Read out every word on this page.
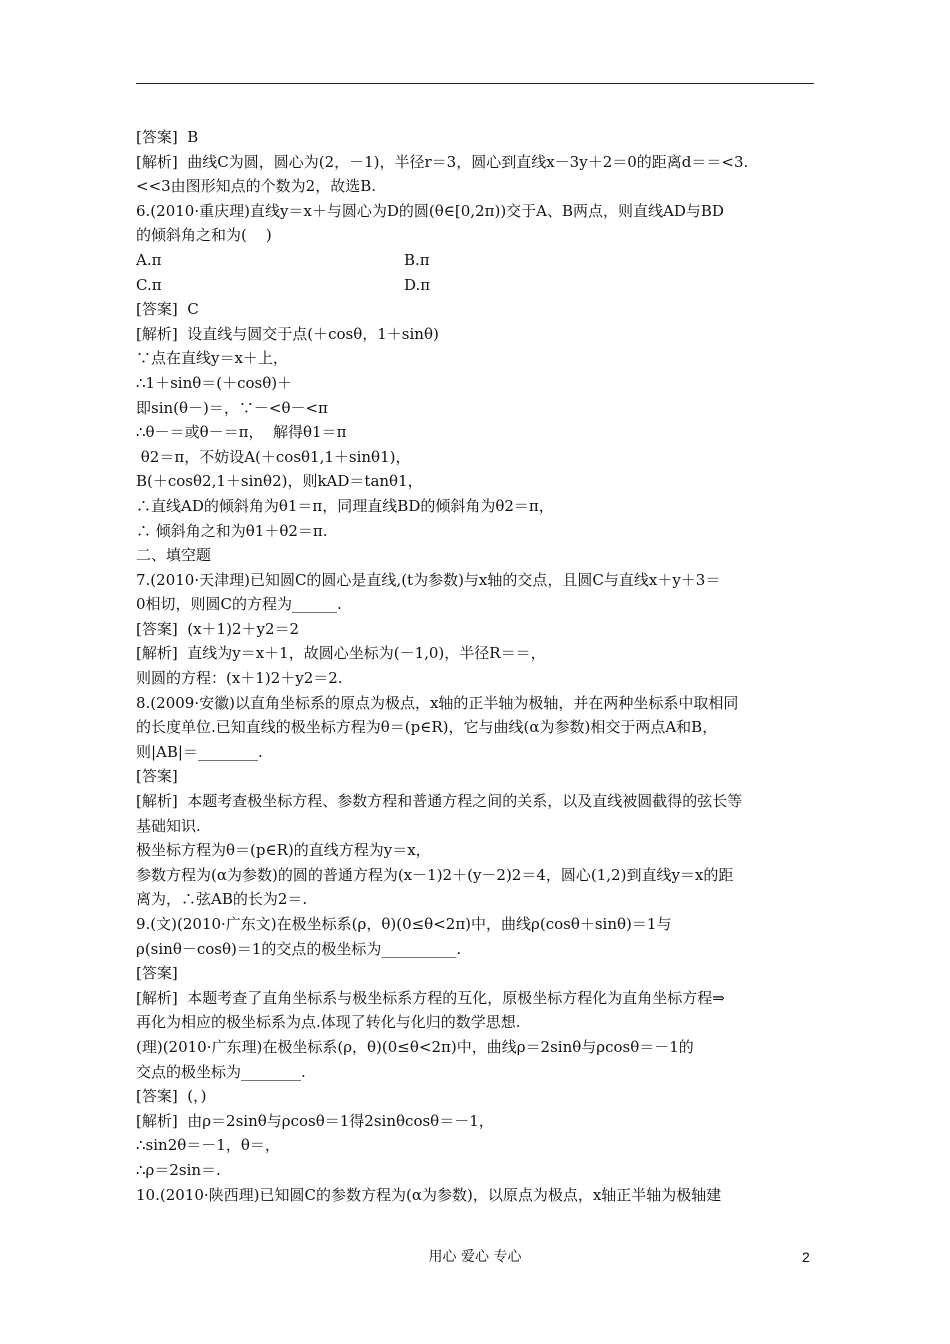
[答案]  B
[解析]  曲线C为圆，圆心为(2，－1)，半径r＝3，圆心到直线x－3y＋2＝0的距离d＝＝<3.
<<3由图形知点的个数为2，故选B.
6.(2010·重庆理)直线y＝x＋与圆心为D的圆(θ∈[0,2π))交于A、B两点，则直线AD与BD
的倾斜角之和为(    )
A.π	B.π
C.π	D.π
[答案]  C
[解析]  设直线与圆交于点(＋cosθ，1＋sinθ)
∵点在直线y＝x＋上，
∴1＋sinθ＝(＋cosθ)＋
即sin(θ－)＝，∵－<θ－<π
∴θ－＝或θ－＝π，  解得θ1＝π
θ2＝π，不妨设A(＋cosθ1,1＋sinθ1)，
B(＋cosθ2,1＋sinθ2)，则kAD＝tanθ1，
∴直线AD的倾斜角为θ1＝π，同理直线BD的倾斜角为θ2＝π，
∴ 倾斜角之和为θ1＋θ2＝π.
二、填空题
7.(2010·天津理)已知圆C的圆心是直线,(t为参数)与x轴的交点，且圆C与直线x＋y＋3＝
0相切，则圆C的方程为______.
[答案]  (x＋1)2＋y2＝2
[解析]  直线为y＝x＋1，故圆心坐标为(－1,0)，半径R＝＝，
则圆的方程：(x＋1)2＋y2＝2.
8.(2009·安徽)以直角坐标系的原点为极点，x轴的正半轴为极轴，并在两种坐标系中取相同
的长度单位.已知直线的极坐标方程为θ＝(p∈R)，它与曲线(α为参数)相交于两点A和B，
则|AB|＝________.
[答案]
[解析]  本题考查极坐标方程、参数方程和普通方程之间的关系，以及直线被圆截得的弦长等
基础知识.
极坐标方程为θ＝(p∈R)的直线方程为y＝x，
参数方程为(α为参数)的圆的普通方程为(x－1)2＋(y－2)2＝4，圆心(1,2)到直线y＝x的距
离为，∴弦AB的长为2＝.
9.(文)(2010·广东文)在极坐标系(ρ，θ)(0≤θ<2π)中，曲线ρ(cosθ＋sinθ)＝1与
ρ(sinθ－cosθ)＝1的交点的极坐标为__________.
[答案]
[解析]  本题考查了直角坐标系与极坐标系方程的互化，原极坐标方程化为直角坐标方程⇒
再化为相应的极坐标系为点.体现了转化与化归的数学思想.
(理)(2010·广东理)在极坐标系(ρ，θ)(0≤θ<2π)中，曲线ρ＝2sinθ与ρcosθ＝－1的
交点的极坐标为________.
[答案]  (，)
[解析]  由ρ＝2sinθ与ρcosθ＝1得2sinθcosθ＝－1，
∴sin2θ＝－1，θ＝，
∴ρ＝2sin＝.
10.(2010·陕西理)已知圆C的参数方程为(α为参数)，以原点为极点，x轴正半轴为极轴建
用心 爱心 专心	2
